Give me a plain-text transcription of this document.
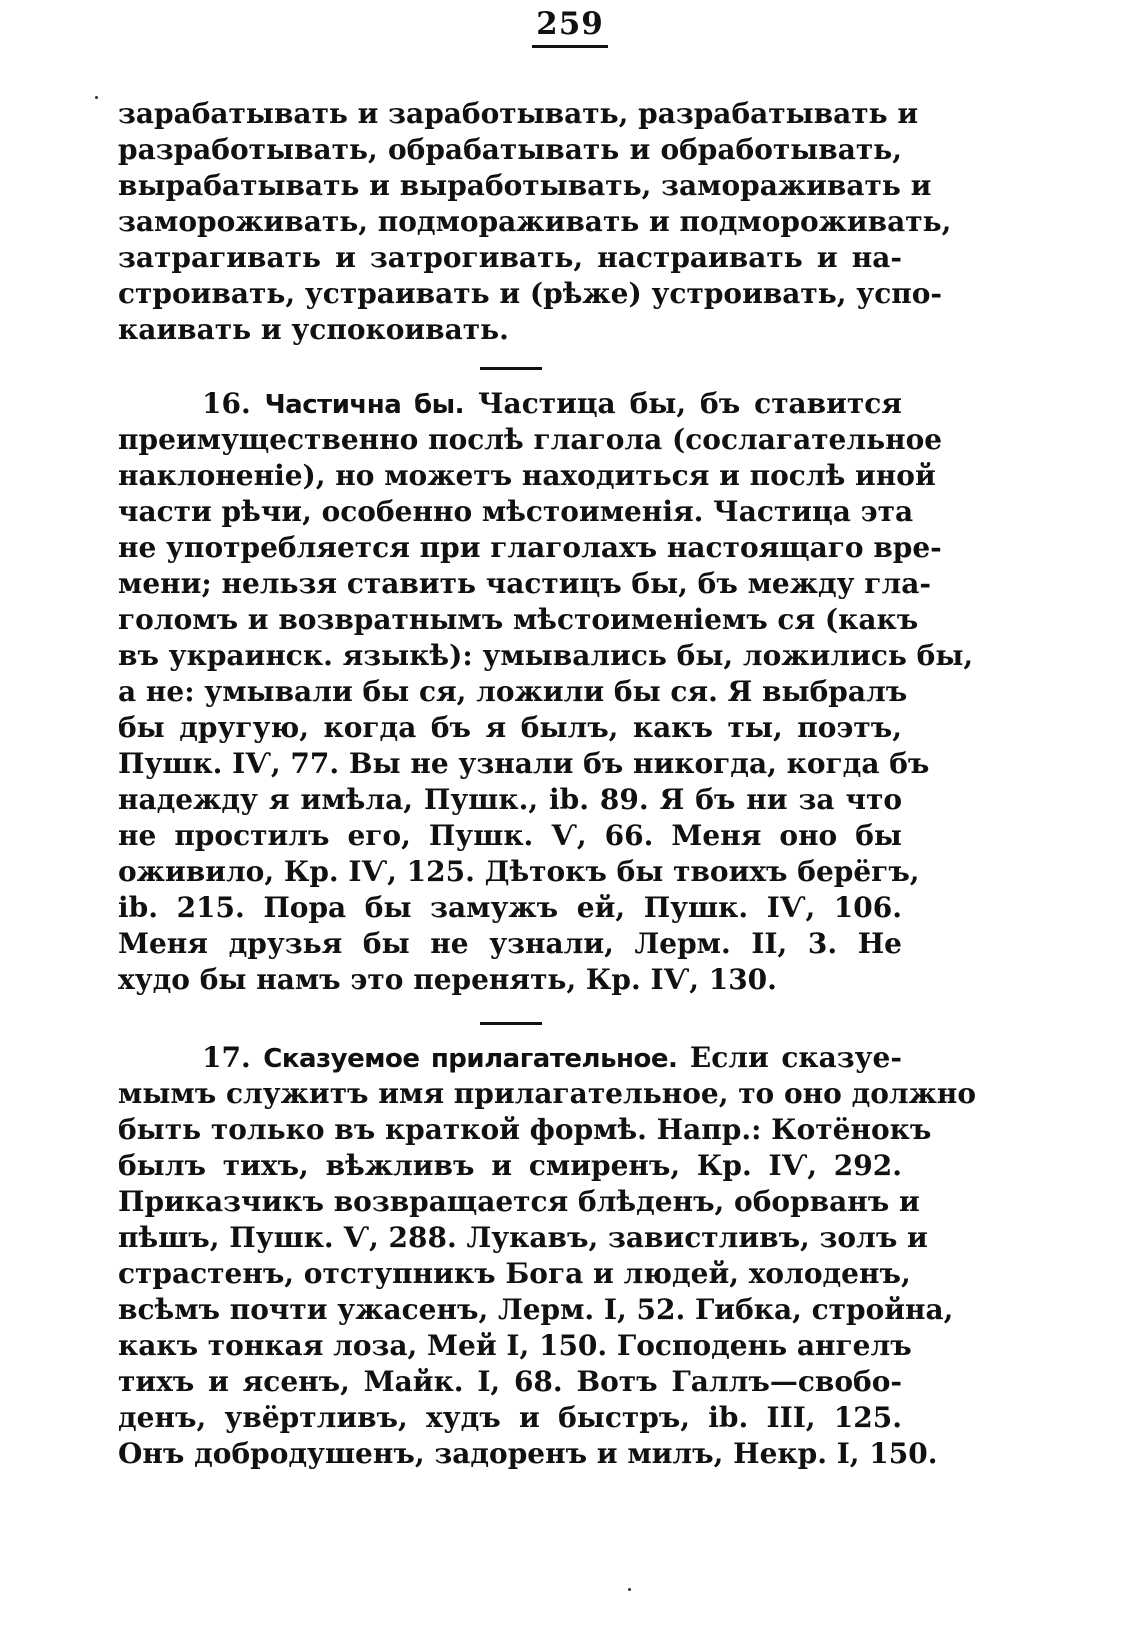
259
зарабатывать и заработывать, разрабатывать и
разработывать, обрабатывать и обработывать,
вырабатывать и выработывать, замораживать и
замороживать, подмораживать и подмороживать,
затрагивать и затрогивать, настраивать и на-
строивать, устраивать и (рѣже) устроивать, успо-
каивать и успокоивать.
16. Частична бы. Частица бы, бъ ставится
преимущественно послѣ глагола (сослагательное
наклоненіе), но можетъ находиться и послѣ иной
части рѣчи, особенно мѣстоименія. Частица эта
не употребляется при глаголахъ настоящаго вре-
мени; нельзя ставить частицъ бы, бъ между гла-
голомъ и возвратнымъ мѣстоименіемъ ся (какъ
въ украинск. языкѣ): умывались бы, ложились бы,
а не: умывали бы ся, ложили бы ся. Я выбралъ
бы другую, когда бъ я былъ, какъ ты, поэтъ,
Пушк. IѴ, 77. Вы не узнали бъ никогда, когда бъ
надежду я имѣла, Пушк., ib. 89. Я бъ ни за что
не простилъ его, Пушк. Ѵ, 66. Меня оно бы
оживило, Кр. IѴ, 125. Дѣтокъ бы твоихъ берёгъ,
ib. 215. Пора бы замужъ ей, Пушк. IѴ, 106.
Меня друзья бы не узнали, Лерм. II, 3. Не
худо бы намъ это перенять, Кр. IѴ, 130.
17. Сказуемое прилагательное. Если сказуе-
мымъ служитъ имя прилагательное, то оно должно
быть только въ краткой формѣ. Напр.: Котёнокъ
былъ тихъ, вѣжливъ и смиренъ, Кр. IѴ, 292.
Приказчикъ возвращается блѣденъ, оборванъ и
пѣшъ, Пушк. Ѵ, 288. Лукавъ, завистливъ, золъ и
страстенъ, отступникъ Бога и людей, холоденъ,
всѣмъ почти ужасенъ, Лерм. I, 52. Гибка, стройна,
какъ тонкая лоза, Мей I, 150. Господень ангелъ
тихъ и ясенъ, Майк. I, 68. Вотъ Галлъ—свобо-
денъ, увёртливъ, худъ и быстръ, ib. III, 125.
Онъ добродушенъ, задоренъ и милъ, Некр. I, 150.
